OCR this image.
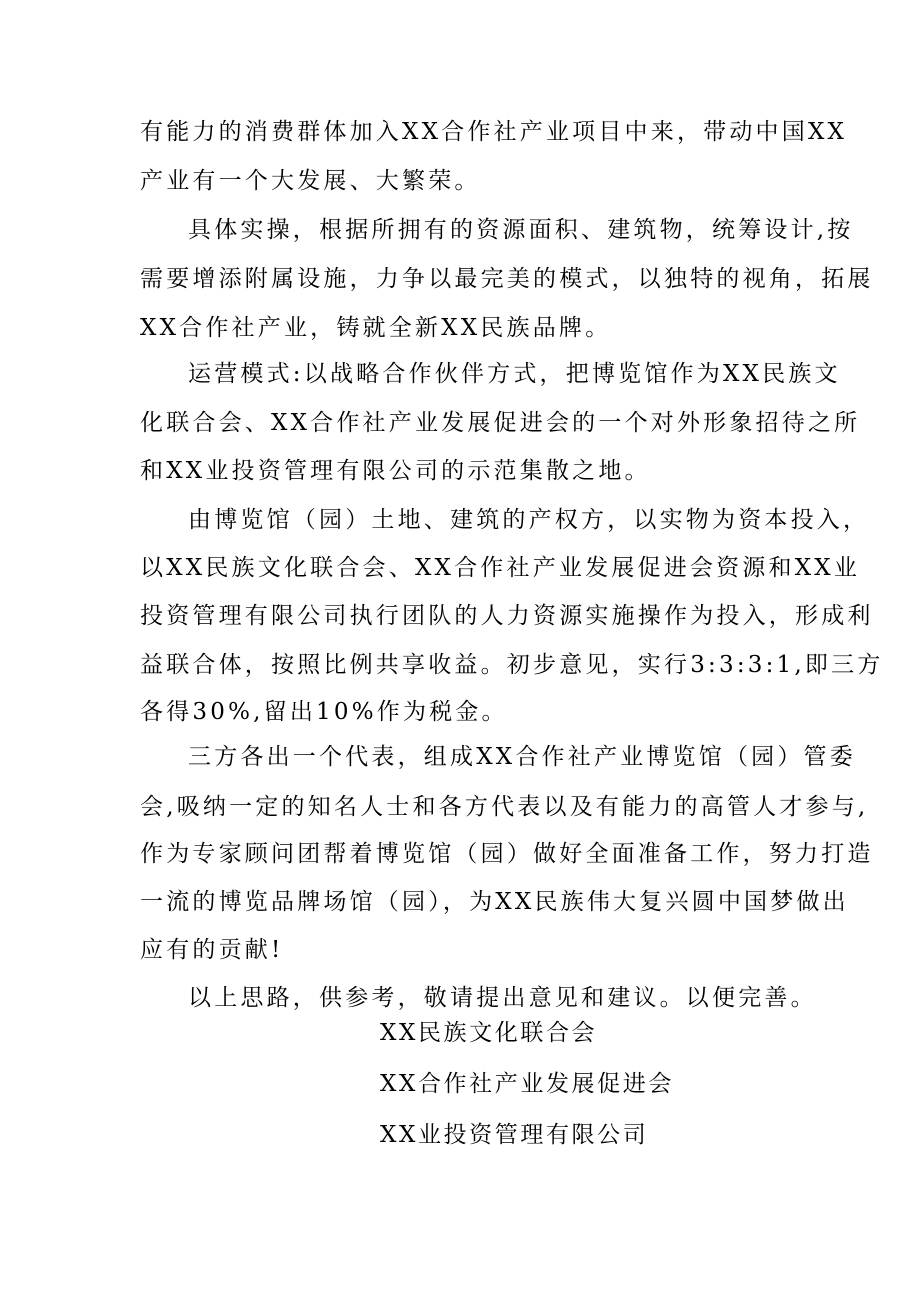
有能力的消费群体加入XX合作社产业项目中来，带动中国XX
产业有一个大发展、大繁荣。
具体实操，根据所拥有的资源面积、建筑物，统筹设计,按
需要增添附属设施，力争以最完美的模式，以独特的视角，拓展
XX合作社产业，铸就全新XX民族品牌。
运营模式:以战略合作伙伴方式，把博览馆作为XX民族文
化联合会、XX合作社产业发展促进会的一个对外形象招待之所
和XX业投资管理有限公司的示范集散之地。
由博览馆（园）土地、建筑的产权方，以实物为资本投入，
以XX民族文化联合会、XX合作社产业发展促进会资源和XX业
投资管理有限公司执行团队的人力资源实施操作为投入，形成利
益联合体，按照比例共享收益。初步意见，实行3:3:3:1,即三方
各得30%,留出10%作为税金。
三方各出一个代表，组成XX合作社产业博览馆（园）管委
会,吸纳一定的知名人士和各方代表以及有能力的高管人才参与,
作为专家顾问团帮着博览馆（园）做好全面准备工作，努力打造
一流的博览品牌场馆（园），为XX民族伟大复兴圆中国梦做出
应有的贡献!
以上思路，供参考，敬请提出意见和建议。以便完善。
XX民族文化联合会
XX合作社产业发展促进会
XX业投资管理有限公司
